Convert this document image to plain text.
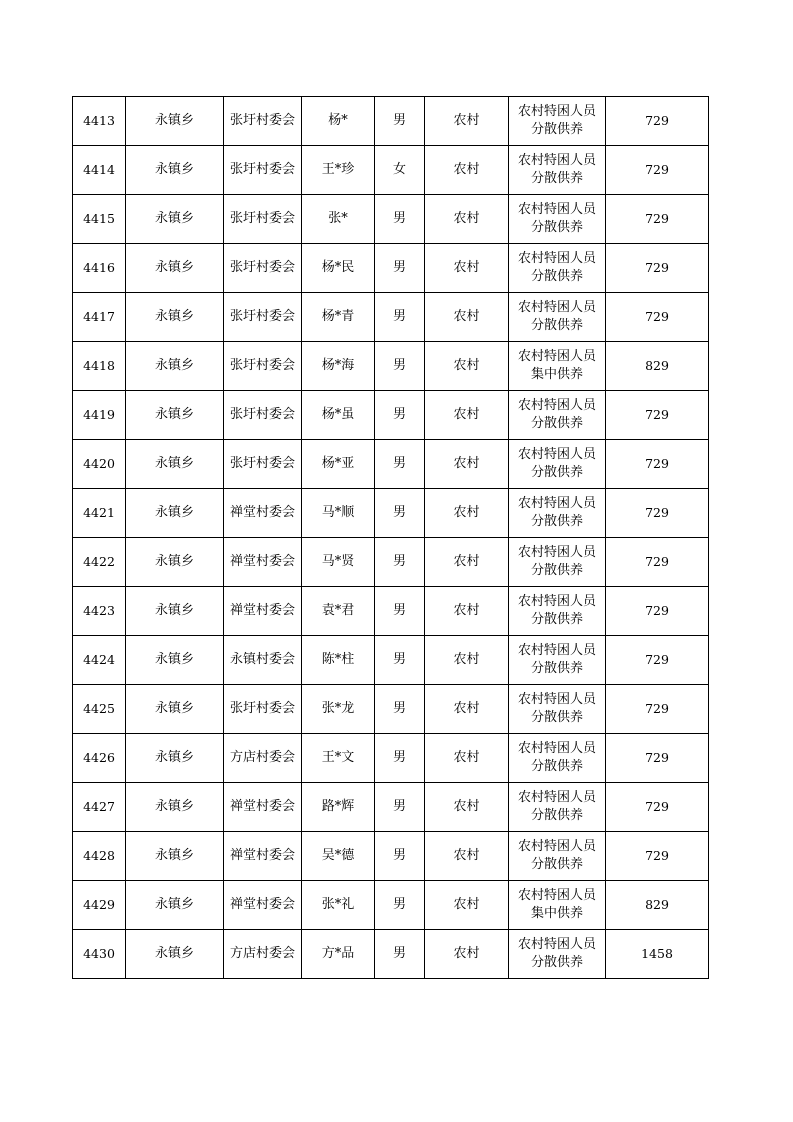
4413	永镇乡	张圩村委会	杨*	男	农村	农村特困人员分散供养	729
4414	永镇乡	张圩村委会	王*珍	女	农村	农村特困人员分散供养	729
4415	永镇乡	张圩村委会	张*	男	农村	农村特困人员分散供养	729
4416	永镇乡	张圩村委会	杨*民	男	农村	农村特困人员分散供养	729
4417	永镇乡	张圩村委会	杨*青	男	农村	农村特困人员分散供养	729
4418	永镇乡	张圩村委会	杨*海	男	农村	农村特困人员集中供养	829
4419	永镇乡	张圩村委会	杨*虽	男	农村	农村特困人员分散供养	729
4420	永镇乡	张圩村委会	杨*亚	男	农村	农村特困人员分散供养	729
4421	永镇乡	禅堂村委会	马*顺	男	农村	农村特困人员分散供养	729
4422	永镇乡	禅堂村委会	马*贤	男	农村	农村特困人员分散供养	729
4423	永镇乡	禅堂村委会	袁*君	男	农村	农村特困人员分散供养	729
4424	永镇乡	永镇村委会	陈*柱	男	农村	农村特困人员分散供养	729
4425	永镇乡	张圩村委会	张*龙	男	农村	农村特困人员分散供养	729
4426	永镇乡	方店村委会	王*文	男	农村	农村特困人员分散供养	729
4427	永镇乡	禅堂村委会	路*辉	男	农村	农村特困人员分散供养	729
4428	永镇乡	禅堂村委会	吴*德	男	农村	农村特困人员分散供养	729
4429	永镇乡	禅堂村委会	张*礼	男	农村	农村特困人员集中供养	829
4430	永镇乡	方店村委会	方*品	男	农村	农村特困人员分散供养	1458
